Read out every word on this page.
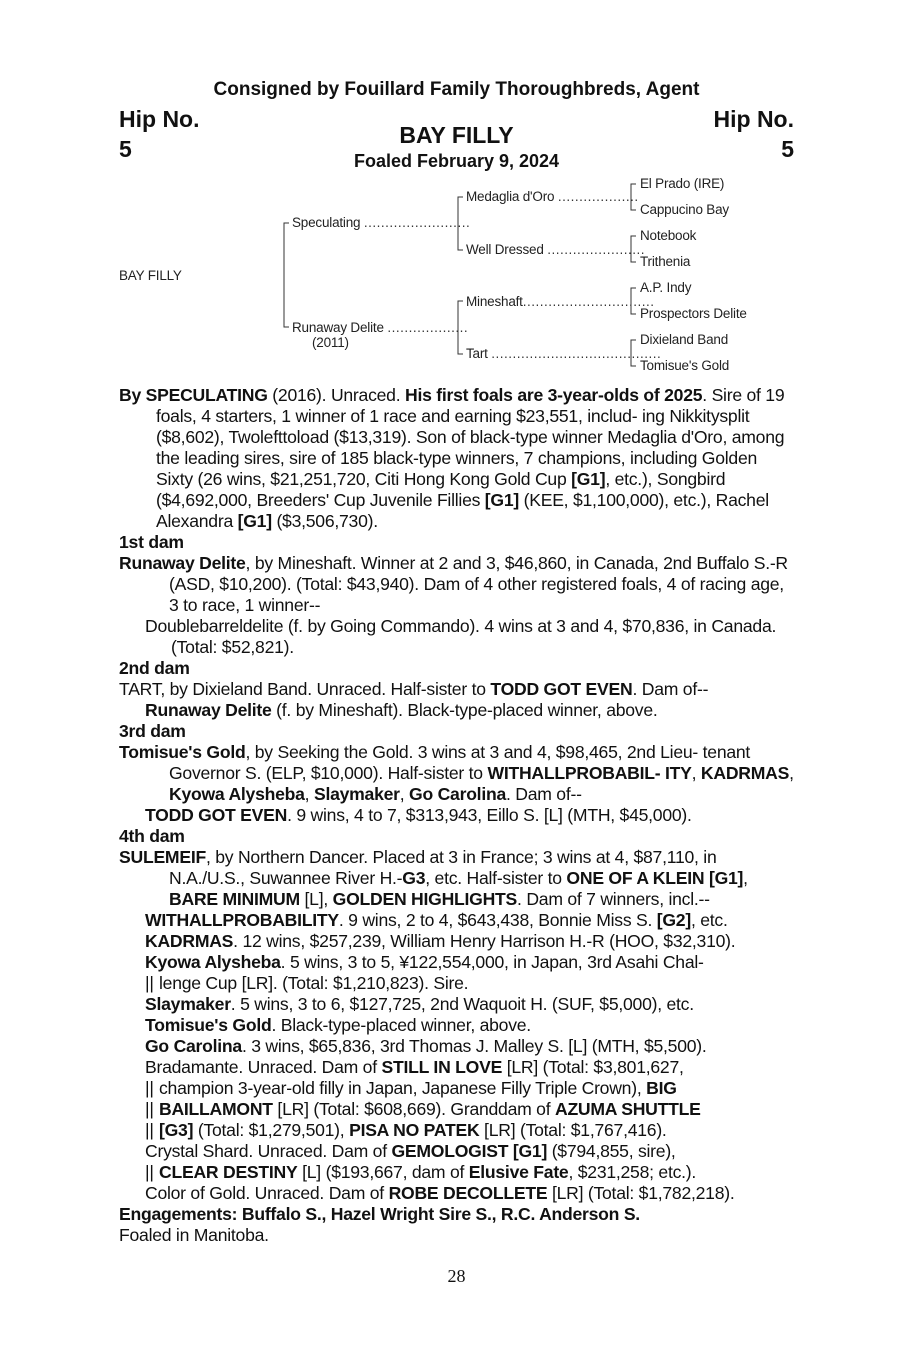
Consigned by Fouillard Family Thoroughbreds, Agent
Hip No.
5
Hip No.
5
BAY FILLY
Foaled February 9, 2024
BAY FILLY
Speculating .........................
Runaway Delite ...................
(2011)
Medaglia d'Oro ...................
Well Dressed .......................
Mineshaft...............................
Tart ........................................
El Prado (IRE)
Cappucino Bay
Notebook
Trithenia
A.P. Indy
Prospectors Delite
Dixieland Band
Tomisue's Gold

By SPECULATING (2016). Unraced. His first foals are 3-year-olds of 2025. Sire of 19 foals, 4 starters, 1 winner of 1 race and earning $23,551, includ- ing Nikkitysplit ($8,602), Twolefttoload ($13,319). Son of black-type winner Medaglia d'Oro, among the leading sires, sire of 185 black-type winners, 7 champions, including Golden Sixty (26 wins, $21,251,720, Citi Hong Kong Gold Cup [G1], etc.), Songbird ($4,692,000, Breeders' Cup Juvenile Fillies [G1] (KEE, $1,100,000), etc.), Rachel Alexandra [G1] ($3,506,730).

1st dam

Runaway Delite, by Mineshaft. Winner at 2 and 3, $46,860, in Canada, 2nd Buffalo S.-R (ASD, $10,200). (Total: $43,940). Dam of 4 other registered foals, 4 of racing age, 3 to race, 1 winner--

Doublebarreldelite (f. by Going Commando). 4 wins at 3 and 4, $70,836, in Canada. (Total: $52,821).

2nd dam

TART, by Dixieland Band. Unraced. Half-sister to TODD GOT EVEN. Dam of--

Runaway Delite (f. by Mineshaft). Black-type-placed winner, above.

3rd dam

Tomisue's Gold, by Seeking the Gold. 3 wins at 3 and 4, $98,465, 2nd Lieu- tenant Governor S. (ELP, $10,000). Half-sister to WITHALLPROBABIL- ITY, KADRMAS, Kyowa Alysheba, Slaymaker, Go Carolina. Dam of--

TODD GOT EVEN. 9 wins, 4 to 7, $313,943, Eillo S. [L] (MTH, $45,000).

4th dam

SULEMEIF, by Northern Dancer. Placed at 3 in France; 3 wins at 4, $87,110, in N.A./U.S., Suwannee River H.-G3, etc. Half-sister to ONE OF A KLEIN [G1], BARE MINIMUM [L], GOLDEN HIGHLIGHTS. Dam of 7 winners, incl.--

WITHALLPROBABILITY. 9 wins, 2 to 4, $643,438, Bonnie Miss S. [G2], etc.

KADRMAS. 12 wins, $257,239, William Henry Harrison H.-R (HOO, $32,310).

Kyowa Alysheba. 5 wins, 3 to 5, ¥122,554,000, in Japan, 3rd Asahi Chal-

|| lenge Cup [LR]. (Total: $1,210,823). Sire.

Slaymaker. 5 wins, 3 to 6, $127,725, 2nd Waquoit H. (SUF, $5,000), etc.

Tomisue's Gold. Black-type-placed winner, above.

Go Carolina. 3 wins, $65,836, 3rd Thomas J. Malley S. [L] (MTH, $5,500).

Bradamante. Unraced. Dam of STILL IN LOVE [LR] (Total: $3,801,627,

|| champion 3-year-old filly in Japan, Japanese Filly Triple Crown), BIG

|| BAILLAMONT [LR] (Total: $608,669). Granddam of AZUMA SHUTTLE

|| [G3] (Total: $1,279,501), PISA NO PATEK [LR] (Total: $1,767,416).

Crystal Shard. Unraced. Dam of GEMOLOGIST [G1] ($794,855, sire),

|| CLEAR DESTINY [L] ($193,667, dam of Elusive Fate, $231,258; etc.).

Color of Gold. Unraced. Dam of ROBE DECOLLETE [LR] (Total: $1,782,218).

Engagements: Buffalo S., Hazel Wright Sire S., R.C. Anderson S.

Foaled in Manitoba.

28
